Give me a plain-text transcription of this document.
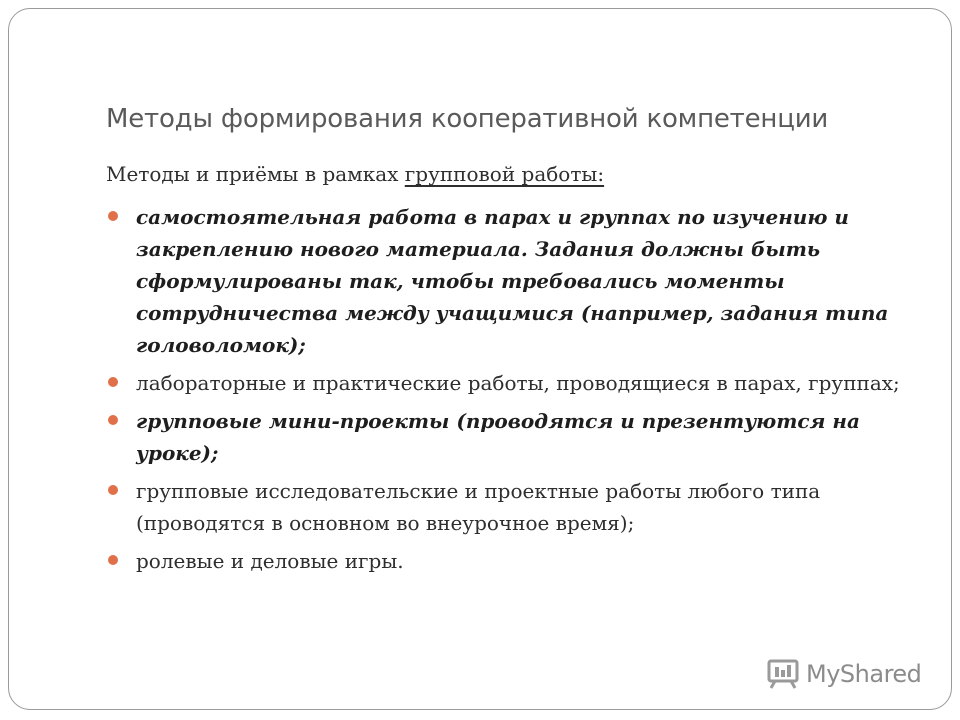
Методы формирования кооперативной компетенции
Методы и приёмы в рамках групповой работы:
самостоятельная работа в парах и группах по изучению и закреплению нового материала. Задания должны быть сформулированы так, чтобы требовались моменты сотрудничества между учащимися (например, задания типа головоломок);
лабораторные и практические работы, проводящиеся в парах, группах;
групповые мини-проекты (проводятся и презентуются на уроке);
групповые исследовательские и проектные работы любого типа (проводятся в основном во внеурочное время);
ролевые и деловые игры.
MyShared
